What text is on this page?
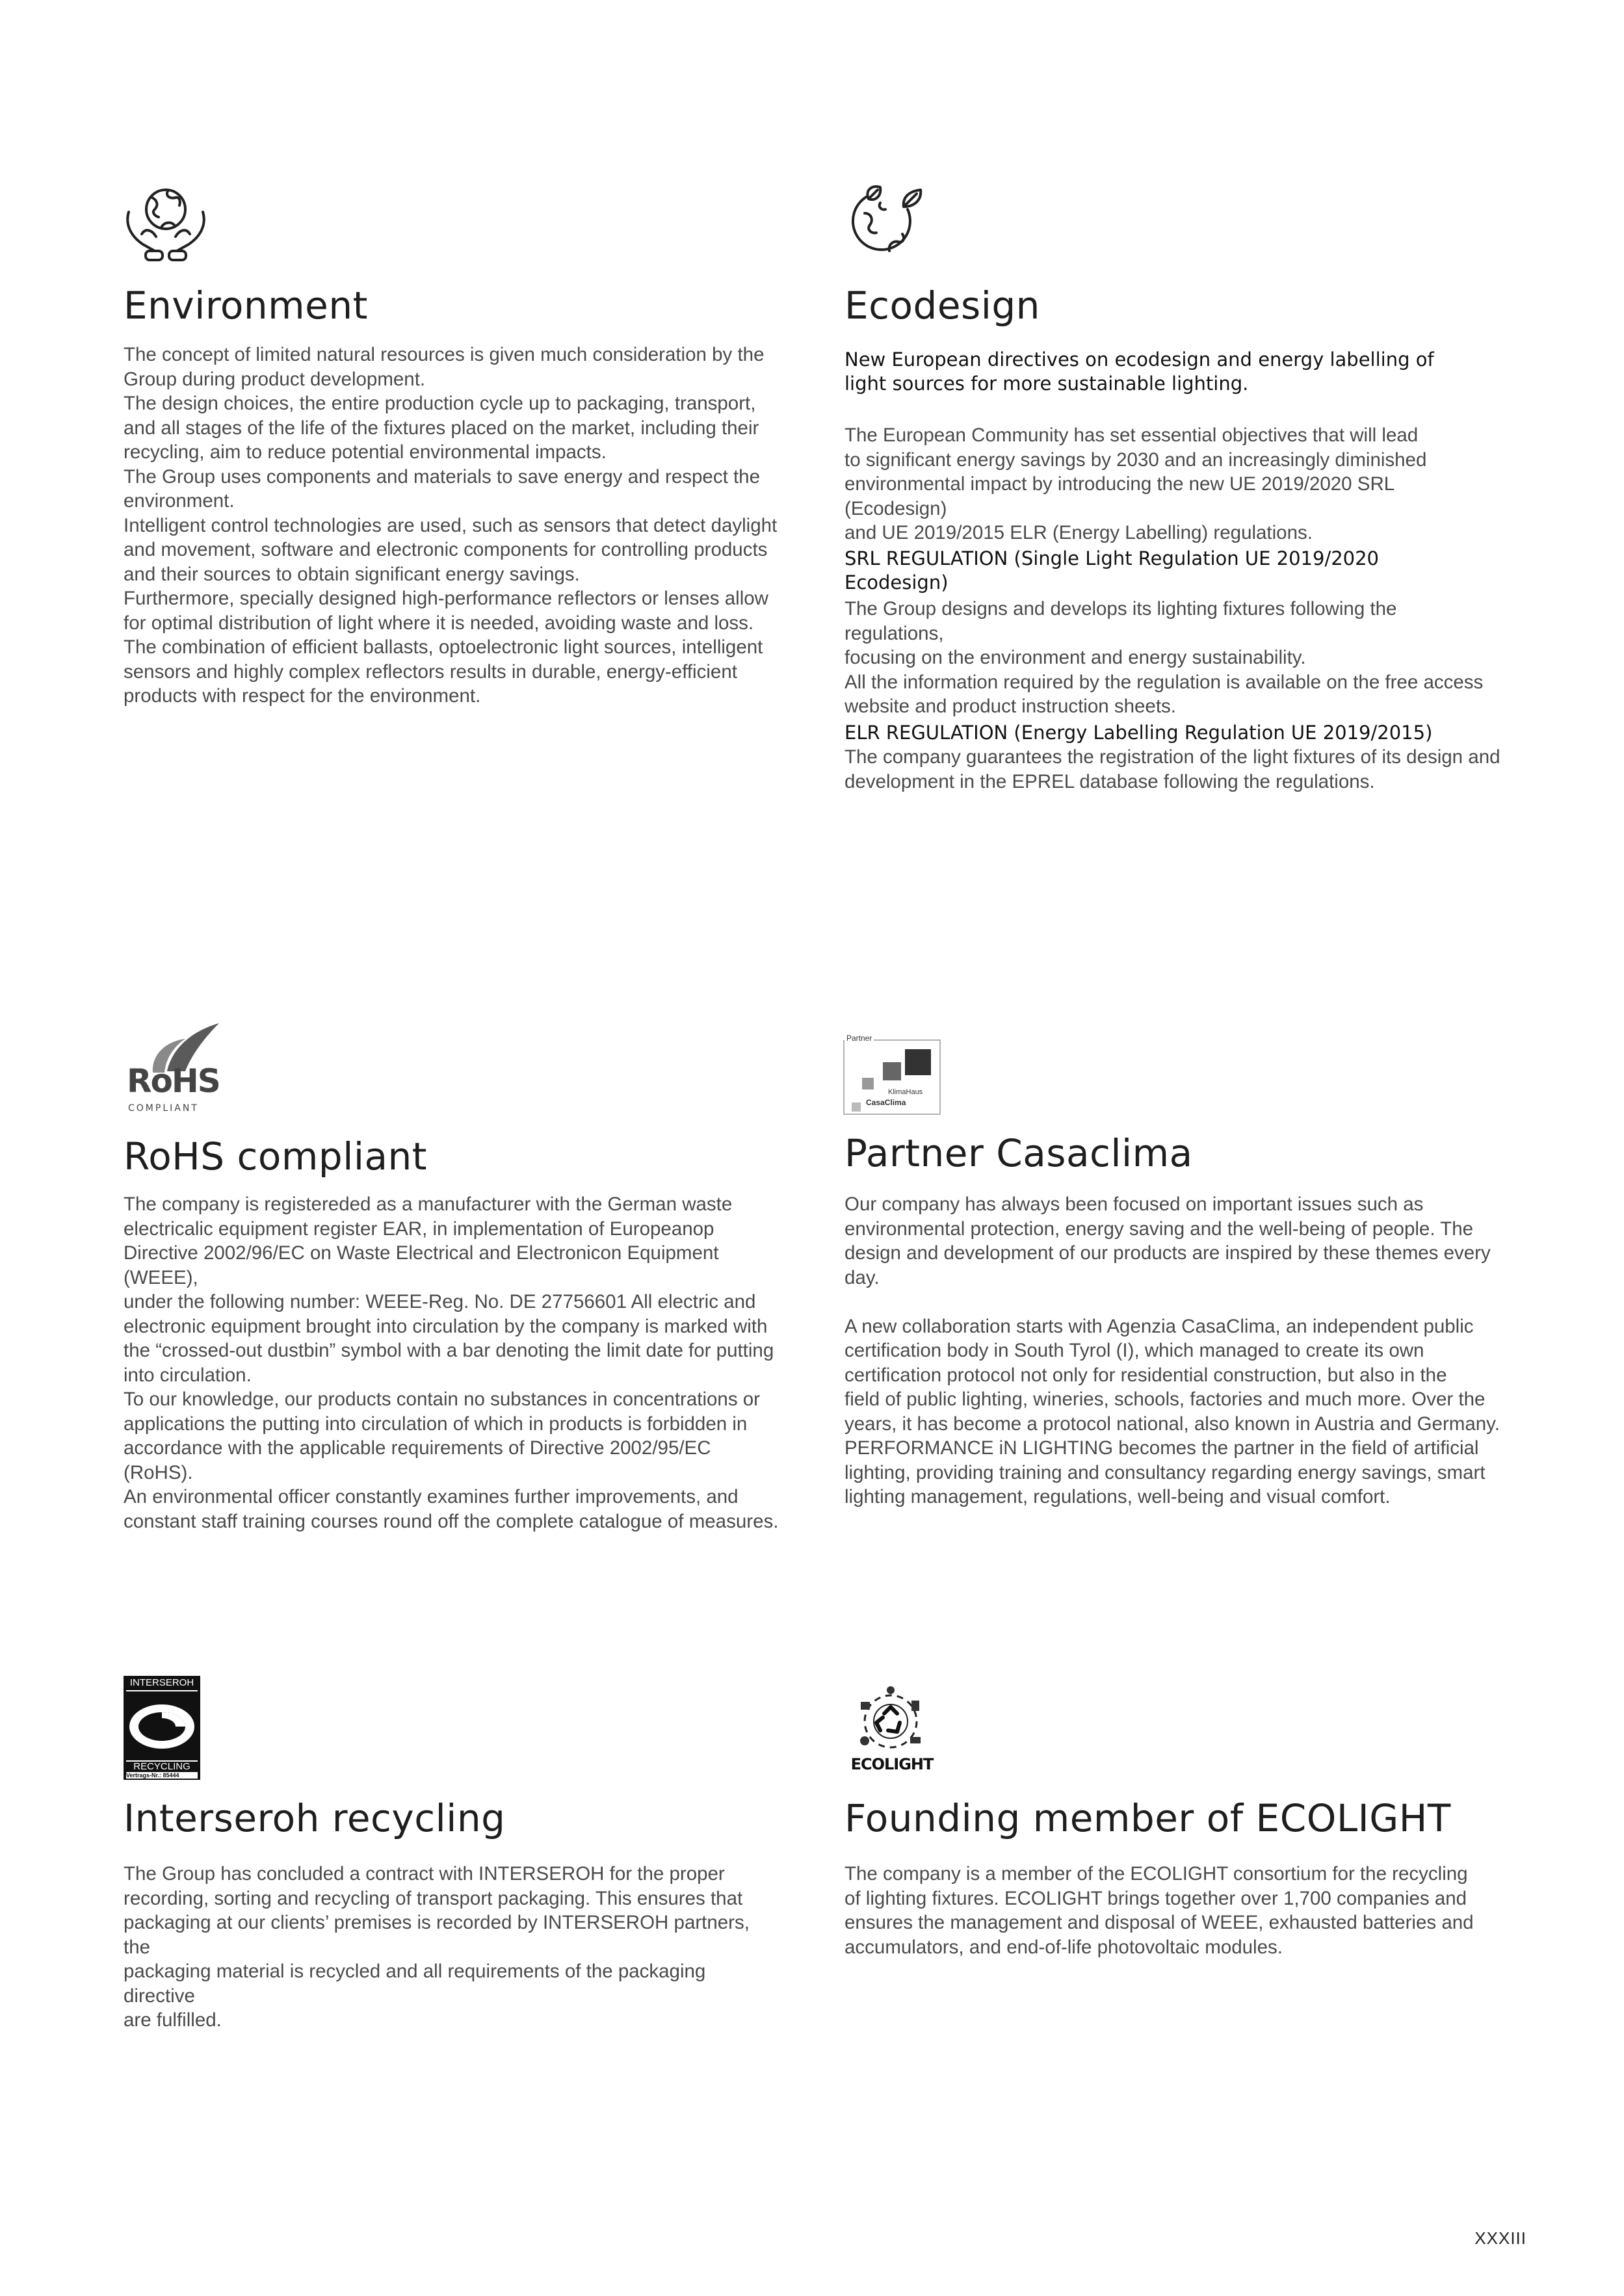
Environment

The concept of limited natural resources is given much consideration by the
Group during product development.
The design choices, the entire production cycle up to packaging, transport,
and all stages of the life of the fixtures placed on the market, including their
recycling, aim to reduce potential environmental impacts.
The Group uses components and materials to save energy and respect the
environment.
Intelligent control technologies are used, such as sensors that detect daylight
and movement, software and electronic components for controlling products
and their sources to obtain significant energy savings.
Furthermore, specially designed high-performance reflectors or lenses allow
for optimal distribution of light where it is needed, avoiding waste and loss.
The combination of efficient ballasts, optoelectronic light sources, intelligent
sensors and highly complex reflectors results in durable, energy-efficient
products with respect for the environment.

Ecodesign

New European directives on ecodesign and energy labelling of
light sources for more sustainable lighting.

The European Community has set essential objectives that will lead
to significant energy savings by 2030 and an increasingly diminished
environmental impact by introducing the new UE 2019/2020 SRL (Ecodesign)
and UE 2019/2015 ELR (Energy Labelling) regulations.

SRL REGULATION (Single Light Regulation UE 2019/2020
Ecodesign)

The Group designs and develops its lighting fixtures following the regulations,
focusing on the environment and energy sustainability.
All the information required by the regulation is available on the free access
website and product instruction sheets.

ELR REGULATION (Energy Labelling Regulation UE 2019/2015)

The company guarantees the registration of the light fixtures of its design and
development in the EPREL database following the regulations.

RoHS
COMPLIANT
RoHS compliant

The company is registereded as a manufacturer with the German waste
electricalic equipment register EAR, in implementation of Europeanop
Directive 2002/96/EC on Waste Electrical and Electronicon Equipment (WEEE),
under the following number: WEEE-Reg. No. DE 27756601 All electric and
electronic equipment brought into circulation by the company is marked with
the “crossed-out dustbin” symbol with a bar denoting the limit date for putting
into circulation.
To our knowledge, our products contain no substances in concentrations or
applications the putting into circulation of which in products is forbidden in
accordance with the applicable requirements of Directive 2002/95/EC (RoHS).
An environmental officer constantly examines further improvements, and
constant staff training courses round off the complete catalogue of measures.

Partner
KlimaHaus
CasaClima
Partner Casaclima

Our company has always been focused on important issues such as
environmental protection, energy saving and the well-being of people. The
design and development of our products are inspired by these themes every
day.

A new collaboration starts with Agenzia CasaClima, an independent public
certification body in South Tyrol (I), which managed to create its own
certification protocol not only for residential construction, but also in the
field of public lighting, wineries, schools, factories and much more. Over the
years, it has become a protocol national, also known in Austria and Germany.
PERFORMANCE iN LIGHTING becomes the partner in the field of artificial
lighting, providing training and consultancy regarding energy savings, smart
lighting management, regulations, well-being and visual comfort.

INTERSEROH
RECYCLING
Vertrags-Nr.: 85444
Interseroh recycling

The Group has concluded a contract with INTERSEROH for the proper
recording, sorting and recycling of transport packaging. This ensures that
packaging at our clients’ premises is recorded by INTERSEROH partners, the
packaging material is recycled and all requirements of the packaging directive
are fulfilled.

ECOLIGHT
Founding member of ECOLIGHT

The company is a member of the ECOLIGHT consortium for the recycling
of lighting fixtures. ECOLIGHT brings together over 1,700 companies and
ensures the management and disposal of WEEE, exhausted batteries and
accumulators, and end-of-life photovoltaic modules.

XXXIII
